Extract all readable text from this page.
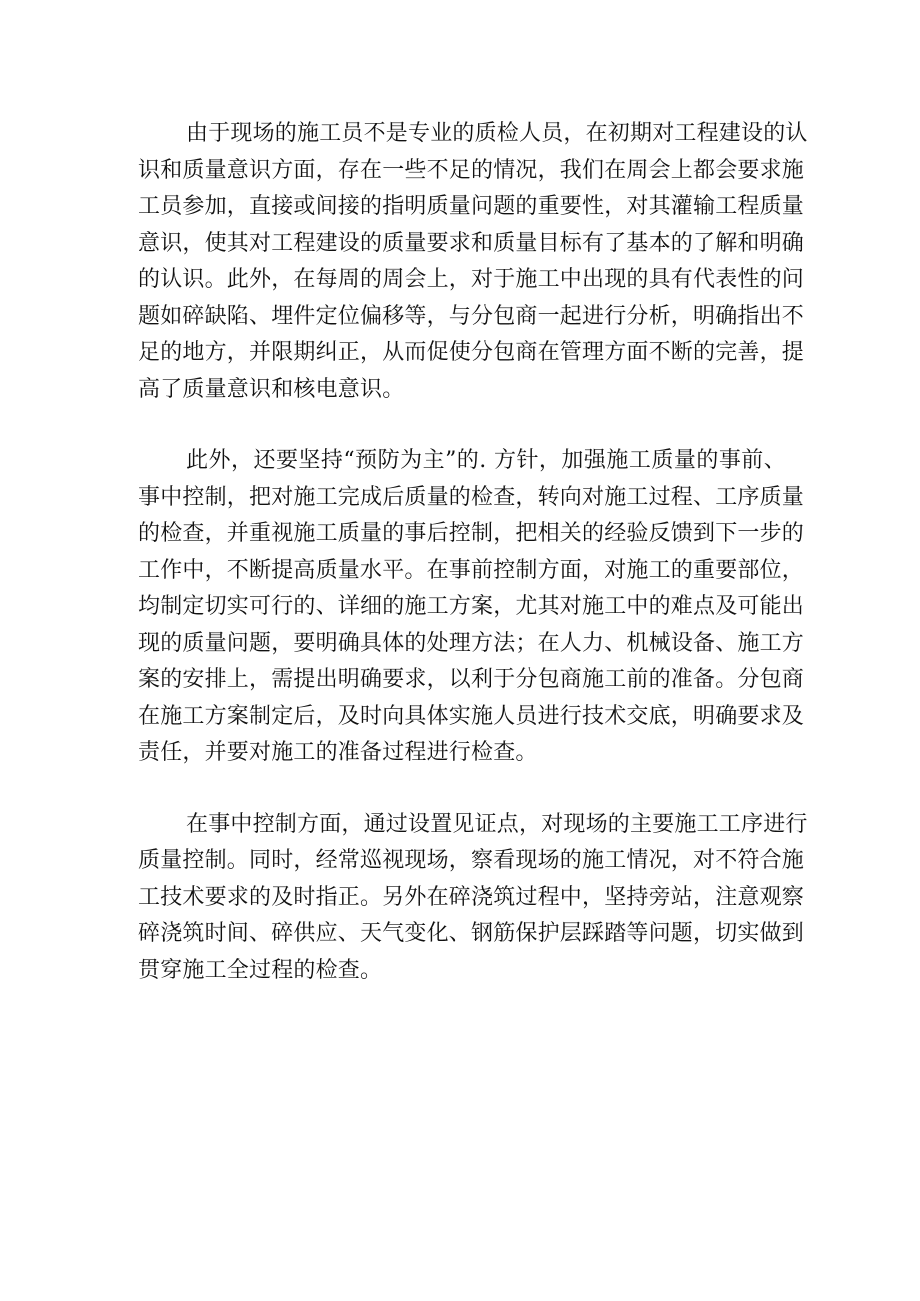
由于现场的施工员不是专业的质检人员，在初期对工程建设的认
识和质量意识方面，存在一些不足的情况，我们在周会上都会要求施
工员参加，直接或间接的指明质量问题的重要性，对其灌输工程质量
意识，使其对工程建设的质量要求和质量目标有了基本的了解和明确
的认识。此外，在每周的周会上，对于施工中出现的具有代表性的问
题如碎缺陷、埋件定位偏移等，与分包商一起进行分析，明确指出不
足的地方，并限期纠正，从而促使分包商在管理方面不断的完善，提
高了质量意识和核电意识。
此外，还要坚持“预防为主”的. 方针，加强施工质量的事前、
事中控制，把对施工完成后质量的检查，转向对施工过程、工序质量
的检查，并重视施工质量的事后控制，把相关的经验反馈到下一步的
工作中，不断提高质量水平。在事前控制方面，对施工的重要部位，
均制定切实可行的、详细的施工方案，尤其对施工中的难点及可能出
现的质量问题，要明确具体的处理方法；在人力、机械设备、施工方
案的安排上，需提出明确要求，以利于分包商施工前的准备。分包商
在施工方案制定后，及时向具体实施人员进行技术交底，明确要求及
责任，并要对施工的准备过程进行检查。
在事中控制方面，通过设置见证点，对现场的主要施工工序进行
质量控制。同时，经常巡视现场，察看现场的施工情况，对不符合施
工技术要求的及时指正。另外在碎浇筑过程中，坚持旁站，注意观察
碎浇筑时间、碎供应、天气变化、钢筋保护层踩踏等问题，切实做到
贯穿施工全过程的检查。
